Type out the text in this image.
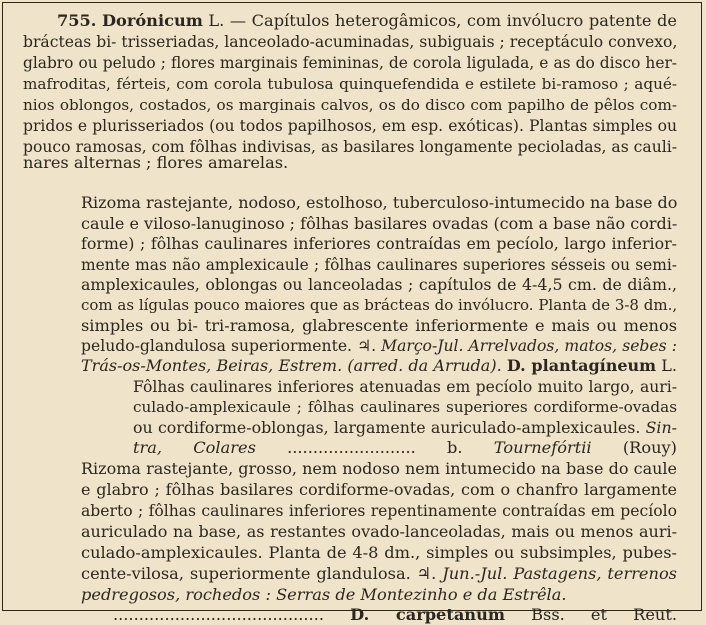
755. Dorónicum L. — Capítulos heterogâmicos, com invólucro patente de
brácteas bi- trisseriadas, lanceolado-acuminadas, subiguais ; receptáculo convexo,
glabro ou peludo ; flores marginais femininas, de corola ligulada, e as do disco her-
mafroditas, férteis, com corola tubulosa quinquefendida e estilete bi-ramoso ; aqué-
nios oblongos, costados, os marginais calvos, os do disco com papilho de pêlos com-
pridos e plurisseriados (ou todos papilhosos, em esp. exóticas). Plantas simples ou
pouco ramosas, com fôlhas indivisas, as basilares longamente pecioladas, as cauli-
nares alternas ; flores amarelas.
Rizoma rastejante, nodoso, estolhoso, tuberculoso-intumecido na base do
caule e viloso-lanuginoso ; fôlhas basilares ovadas (com a base não cordi-
forme) ; fôlhas caulinares inferiores contraídas em pecíolo, largo inferior-
mente mas não amplexicaule ; fôlhas caulinares superiores sésseis ou semi-
amplexicaules, oblongas ou lanceoladas ; capítulos de 4-4,5 cm. de diâm.,
com as lígulas pouco maiores que as brácteas do invólucro. Planta de 3-8 dm.,
simples ou bi- tri-ramosa, glabrescente inferiormente e mais ou menos
peludo-glandulosa superiormente. ♃. Março-Jul. Arrelvados, matos, sebes :
Trás-os-Montes, Beiras, Estrem. (arred. da Arruda). D. plantagíneum L.
Fôlhas caulinares inferiores atenuadas em pecíolo muito largo, auri-
culado-amplexicaule ; fôlhas caulinares superiores cordiforme-ovadas
ou cordiforme-oblongas, largamente auriculado-amplexicaules. Sin-
tra, Colares ......................... b. Tournefórtii (Rouy)
Rizoma rastejante, grosso, nem nodoso nem intumecido na base do caule
e glabro ; fôlhas basilares cordiforme-ovadas, com o chanfro largamente
aberto ; fôlhas caulinares inferiores repentinamente contraídas em pecíolo
auriculado na base, as restantes ovado-lanceoladas, mais ou menos auri-
culado-amplexicaules. Planta de 4-8 dm., simples ou subsimples, pubes-
cente-vilosa, superiormente glandulosa. ♃. Jun.-Jul. Pastagens, terrenos
pedregosos, rochedos : Serras de Montezinho e da Estrêla.
......................................... D. carpetanum Bss. et Reut.
